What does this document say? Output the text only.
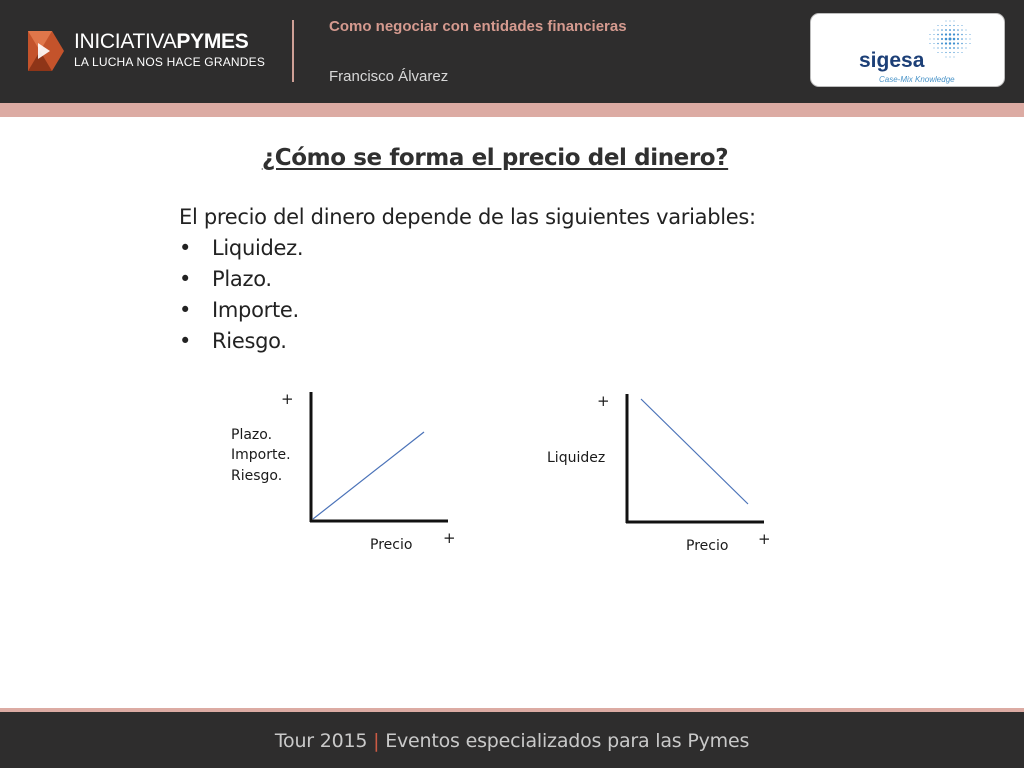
INICIATIVAPYMES
LA LUCHA NOS HACE GRANDES
Como negociar con entidades financieras
Francisco Álvarez
sigesa
Case-Mix Knowledge
¿Cómo se forma el precio del dinero?
El precio del dinero depende de las siguientes variables:
• Liquidez.
• Plazo.
• Importe.
• Riesgo.
+
Plazo.
Importe.
Riesgo.
Precio +
+
Liquidez
Precio +
Tour 2015 | Eventos especializados para las Pymes
